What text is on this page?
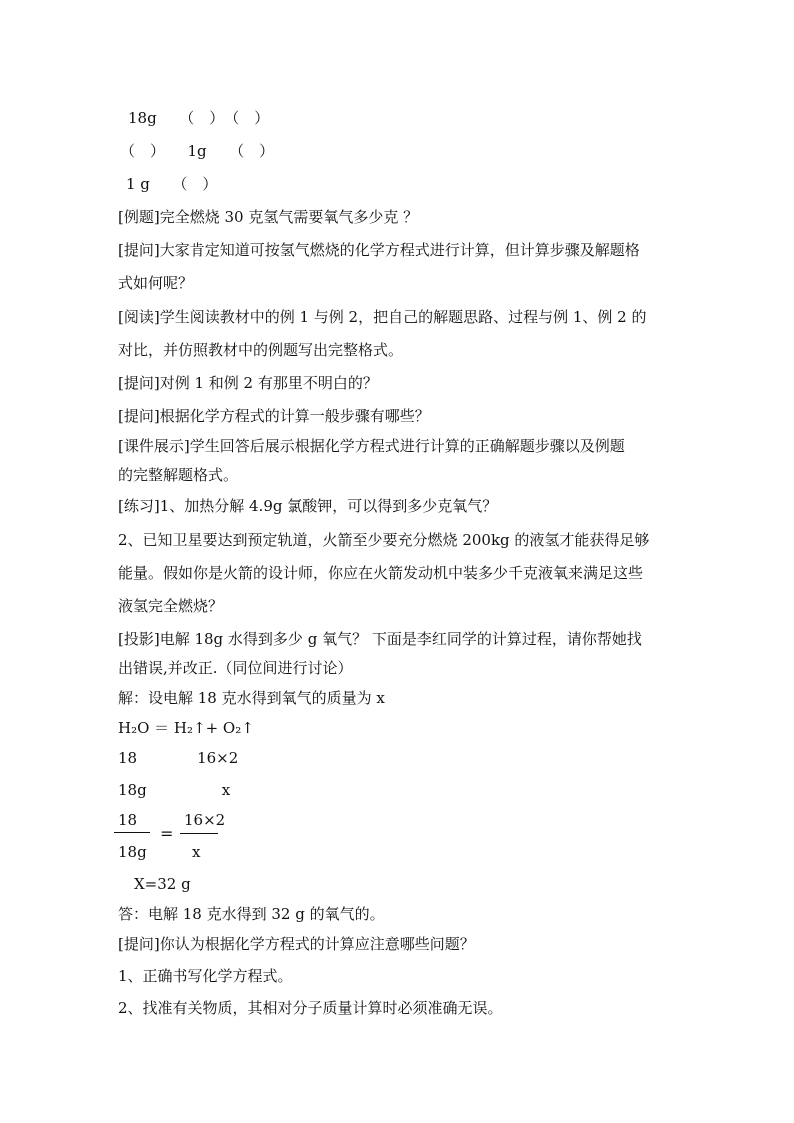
18g　　（　）　（　）
（　）　　1g　　（　）
1 g　　（　）
[例题]完全燃烧 30 克氢气需要氧气多少克 ？
[提问]大家肯定知道可按氢气燃烧的化学方程式进行计算，但计算步骤及解题格
式如何呢？
[阅读]学生阅读教材中的例 1 与例 2，把自己的解题思路、过程与例 1、例 2 的
对比，并仿照教材中的例题写出完整格式。
[提问]对例 1 和例 2 有那里不明白的？
[提问]根据化学方程式的计算一般步骤有哪些？
[课件展示]学生回答后展示根据化学方程式进行计算的正确解题步骤以及例题
的完整解题格式。
[练习]1、加热分解 4.9g 氯酸钾，可以得到多少克氧气？
2、已知卫星要达到预定轨道，火箭至少要充分燃烧 200kg 的液氢才能获得足够
能量。假如你是火箭的设计师，你应在火箭发动机中装多少千克液氧来满足这些
液氢完全燃烧？
[投影]电解 18g 水得到多少 g 氧气？ 下面是李红同学的计算过程，请你帮她找
出错误,并改正.（同位间进行讨论）
解：设电解 18 克水得到氧气的质量为 x
H₂O ＝ H₂↑+ O₂↑
18　　　　16×2
18g　　　　　x
18
18g
=
16×2
x
X=32 g
答：电解 18 克水得到 32 g 的氧气的。
[提问]你认为根据化学方程式的计算应注意哪些问题？
1、正确书写化学方程式。
2、找准有关物质，其相对分子质量计算时必须准确无误。
